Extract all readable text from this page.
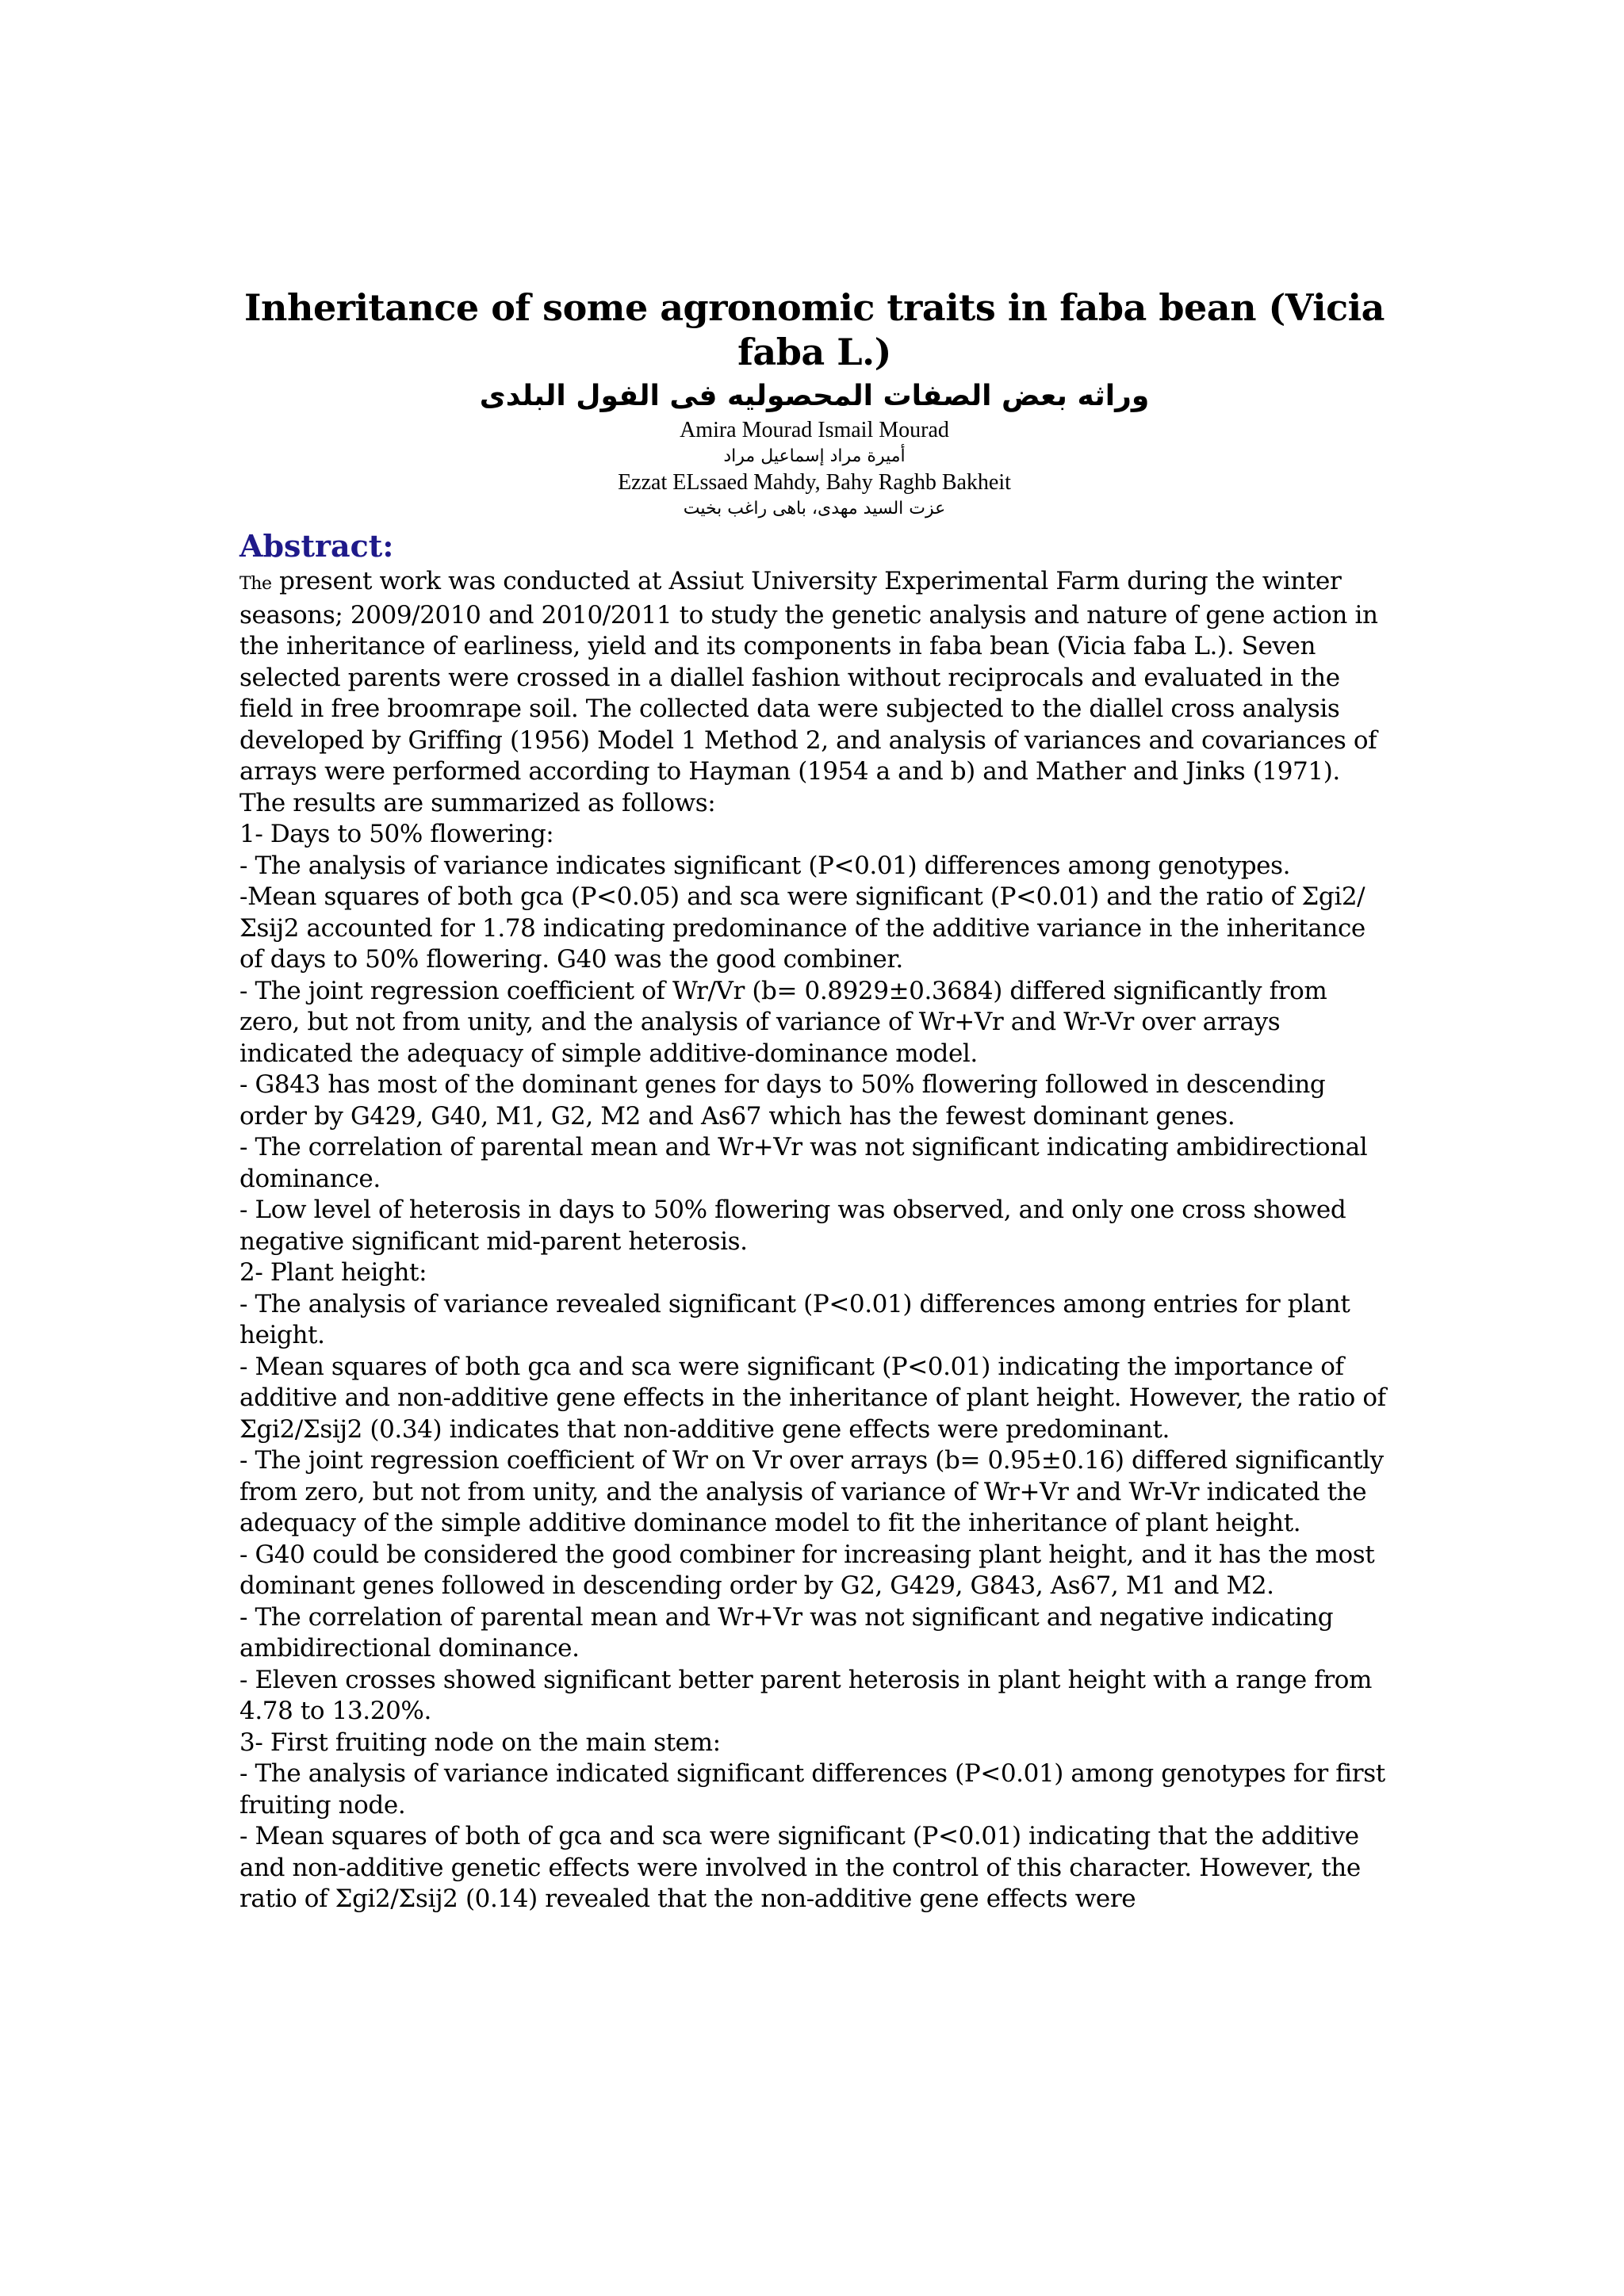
Inheritance of some agronomic traits in faba bean (Vicia faba L.)
وراثه بعض الصفات المحصوليه فى الفول البلدى
Amira Mourad Ismail Mourad
أميرة مراد إسماعيل مراد
Ezzat ELssaed Mahdy, Bahy Raghb Bakheit
عزت السيد مهدى، باهى راغب بخيت
Abstract:

The present work was conducted at Assiut University Experimental Farm during the winter seasons; 2009/2010 and 2010/2011 to study the genetic analysis and nature of gene action in the inheritance of earliness, yield and its components in faba bean (Vicia faba L.). Seven selected parents were crossed in a diallel fashion without reciprocals and evaluated in the field in free broomrape soil. The collected data were subjected to the diallel cross analysis developed by Griffing (1956) Model 1 Method 2, and analysis of variances and covariances of arrays were performed according to Hayman (1954 a and b) and Mather and Jinks (1971). The results are summarized as follows:

1- Days to 50% flowering:

- The analysis of variance indicates significant (P<0.01) differences among genotypes.

-Mean squares of both gca (P<0.05) and sca were significant (P<0.01) and the ratio of Σgi2/Σsij2 accounted for 1.78 indicating predominance of the additive variance in the inheritance of days to 50% flowering. G40 was the good combiner.

- The joint regression coefficient of Wr/Vr (b= 0.8929±0.3684) differed significantly from zero, but not from unity, and the analysis of variance of Wr+Vr and Wr-Vr over arrays indicated the adequacy of simple additive-dominance model.

- G843 has most of the dominant genes for days to 50% flowering followed in descending order by G429, G40, M1, G2, M2 and As67 which has the fewest dominant genes.

- The correlation of parental mean and Wr+Vr was not significant indicating ambidirectional dominance.

- Low level of heterosis in days to 50% flowering was observed, and only one cross showed negative significant mid-parent heterosis.

2- Plant height:

- The analysis of variance revealed significant (P<0.01) differences among entries for plant height.

- Mean squares of both gca and sca were significant (P<0.01) indicating the importance of additive and non-additive gene effects in the inheritance of plant height. However, the ratio of Σgi2/Σsij2 (0.34) indicates that non-additive gene effects were predominant.

- The joint regression coefficient of Wr on Vr over arrays (b= 0.95±0.16) differed significantly from zero, but not from unity, and the analysis of variance of Wr+Vr and Wr-Vr indicated the adequacy of the simple additive dominance model to fit the inheritance of plant height.

- G40 could be considered the good combiner for increasing plant height, and it has the most dominant genes followed in descending order by G2, G429, G843, As67, M1 and M2.

- The correlation of parental mean and Wr+Vr was not significant and negative indicating ambidirectional dominance.

- Eleven crosses showed significant better parent heterosis in plant height with a range from 4.78 to 13.20%.

3- First fruiting node on the main stem:

- The analysis of variance indicated significant differences (P<0.01) among genotypes for first fruiting node.

- Mean squares of both of gca and sca were significant (P<0.01) indicating that the additive and non-additive genetic effects were involved in the control of this character. However, the ratio of Σgi2/Σsij2 (0.14) revealed that the non-additive gene effects were
